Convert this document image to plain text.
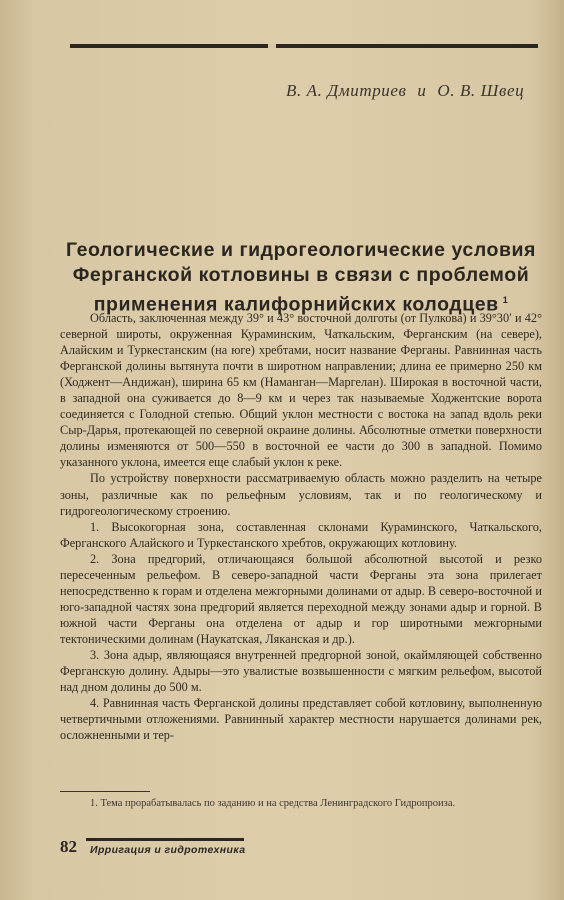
В. А. Дмитриев и О. В. Швец
Геологические и гидрогеологические условия
Ферганской котловины в связи с проблемой
применения калифорнийских колодцев $^1$

Область, заключенная между 39° и 43° восточной долготы (от Пулкова) и 39°30′ и 42° северной широты, окруженная Кураминским, Чаткальским, Ферганским (на севере), Алайским и Туркестанским (на юге) хребтами, носит название Ферганы. Равнинная часть Ферганской долины вытянута почти в широтном направлении; длина ее примерно 250 км (Ходжент—Андижан), ширина 65 км (Наманган—Маргелан). Широкая в восточной части, в западной она суживается до 8—9 км и через так называемые Ходжентские ворота соединяется с Голодной степью. Общий уклон местности с востока на запад вдоль реки Сыр-Дарья, протекающей по северной окраине долины. Абсолютные отметки поверхности долины изменяются от 500—550 в восточной ее части до 300 в западной. Помимо указанного уклона, имеется еще слабый уклон к реке.

По устройству поверхности рассматриваемую область можно разделить на четыре зоны, различные как по рельефным условиям, так и по геологическому и гидрогеологическому строению.

1. Высокогорная зона, составленная склонами Кураминского, Чаткальского, Ферганского Алайского и Туркестанского хребтов, окружающих котловину.

2. Зона предгорий, отличающаяся большой абсолютной высотой и резко пересеченным рельефом. В северо-западной части Ферганы эта зона прилегает непосредственно к горам и отделена межгорными долинами от адыр. В северо-восточной и юго-западной частях зона предгорий является переходной между зонами адыр и горной. В южной части Ферганы она отделена от адыр и гор широтными межгорными тектоническими долинам (Наукатская, Ляканская и др.).

3. Зона адыр, являющаяся внутренней предгорной зоной, окаймляющей собственно Ферганскую долину. Адыры—это увалистые возвышенности с мягким рельефом, высотой над дном долины до 500 м.

4. Равнинная часть Ферганской долины представляет собой котловину, выполненную четвертичными отложениями. Равнинный характер местности нарушается долинами рек, осложненными и тер-

1. Тема прорабатывалась по заданию и на средства Ленинградского Гидропроиза.
82 Ирригация и гидротехника
